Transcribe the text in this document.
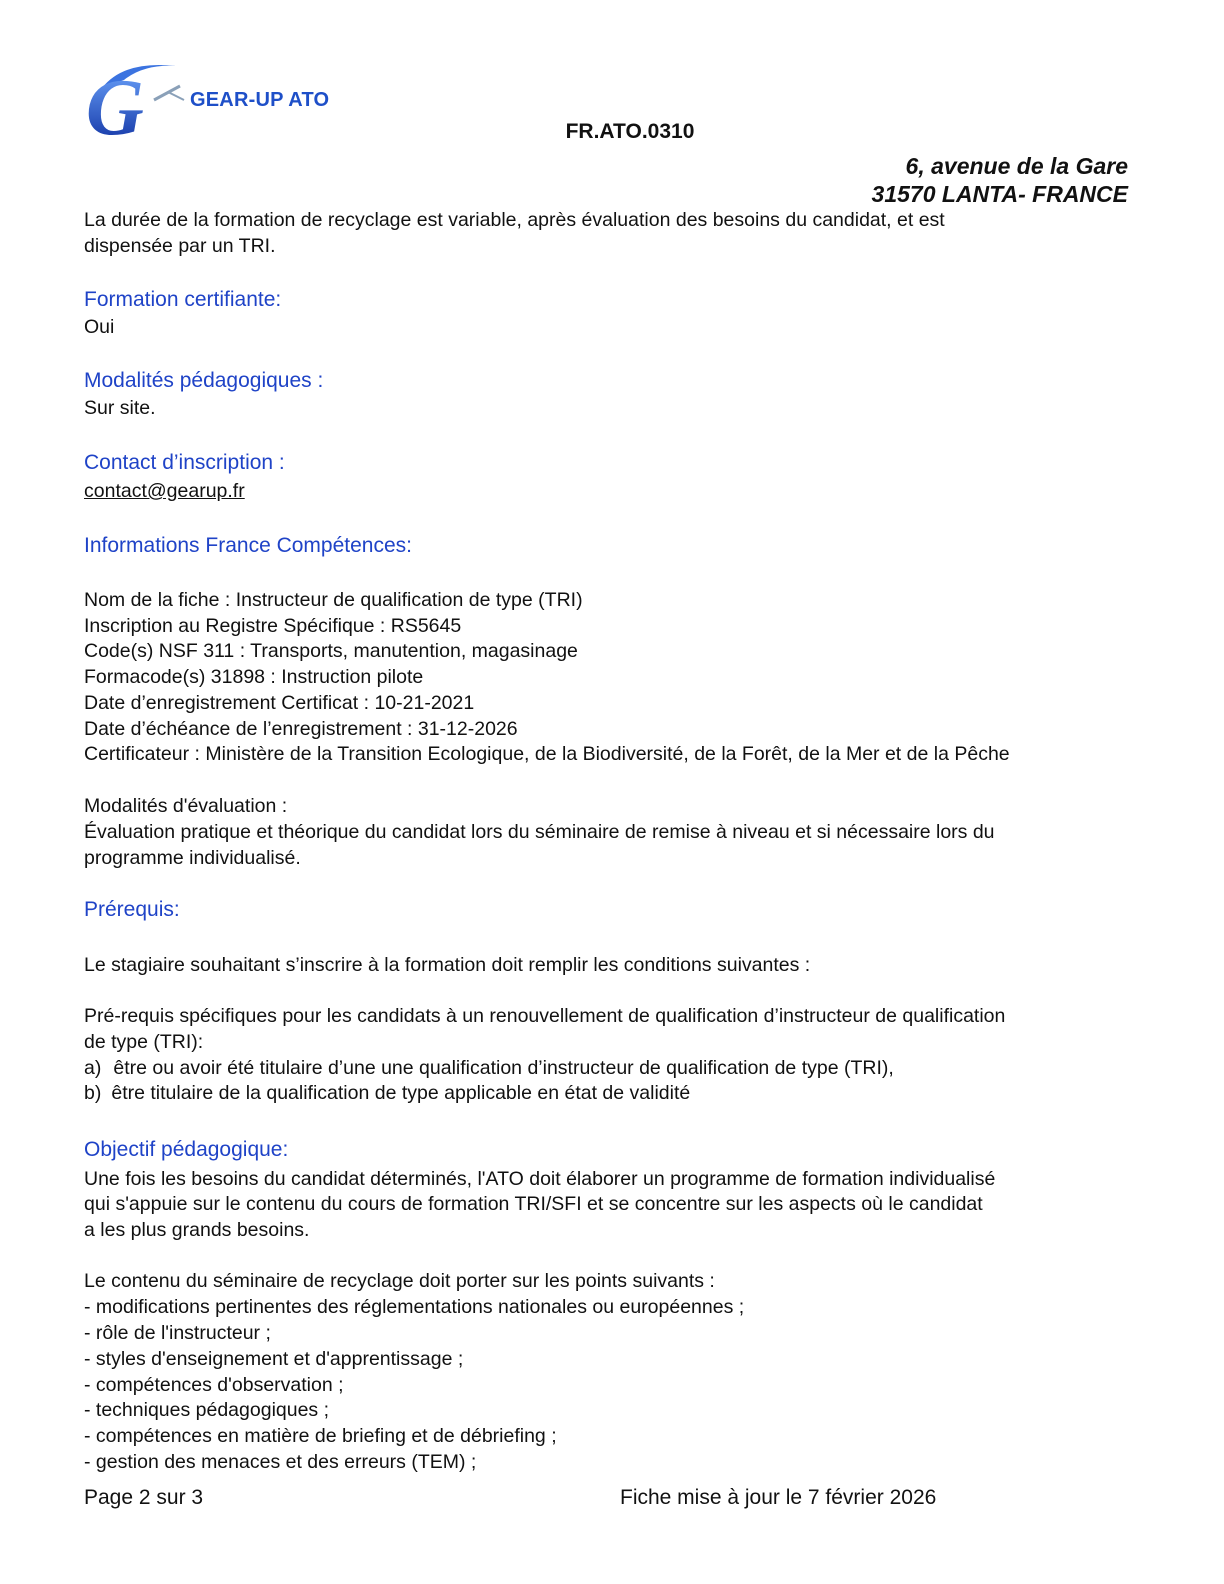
G GEAR-UP ATO
FR.ATO.0310
6, avenue de la Gare
31570 LANTA- FRANCE
La durée de la formation de recyclage est variable, après évaluation des besoins du candidat, et est
dispensée par un TRI.
Formation certifiante:
Oui
Modalités pédagogiques :
Sur site.
Contact d’inscription :
contact@gearup.fr
Informations France Compétences:
Nom de la fiche : Instructeur de qualification de type (TRI)
Inscription au Registre Spécifique : RS5645
Code(s) NSF 311 : Transports, manutention, magasinage
Formacode(s) 31898 : Instruction pilote
Date d’enregistrement Certificat : 10-21-2021
Date d’échéance de l’enregistrement : 31-12-2026
Certificateur : Ministère de la Transition Ecologique, de la Biodiversité, de la Forêt, de la Mer et de la Pêche
Modalités d'évaluation :
Évaluation pratique et théorique du candidat lors du séminaire de remise à niveau et si nécessaire lors du
programme individualisé.
Prérequis:
Le stagiaire souhaitant s’inscrire à la formation doit remplir les conditions suivantes :
Pré-requis spécifiques pour les candidats à un renouvellement de qualification d’instructeur de qualification
de type (TRI):
a) être ou avoir été titulaire d’une une qualification d’instructeur de qualification de type (TRI),
b) être titulaire de la qualification de type applicable en état de validité
Objectif pédagogique:
Une fois les besoins du candidat déterminés, l'ATO doit élaborer un programme de formation individualisé
qui s'appuie sur le contenu du cours de formation TRI/SFI et se concentre sur les aspects où le candidat
a les plus grands besoins.
Le contenu du séminaire de recyclage doit porter sur les points suivants :
- modifications pertinentes des réglementations nationales ou européennes ;
- rôle de l'instructeur ;
- styles d'enseignement et d'apprentissage ;
- compétences d'observation ;
- techniques pédagogiques ;
- compétences en matière de briefing et de débriefing ;
- gestion des menaces et des erreurs (TEM) ;
Page 2 sur 3	Fiche mise à jour le 7 février 2026
